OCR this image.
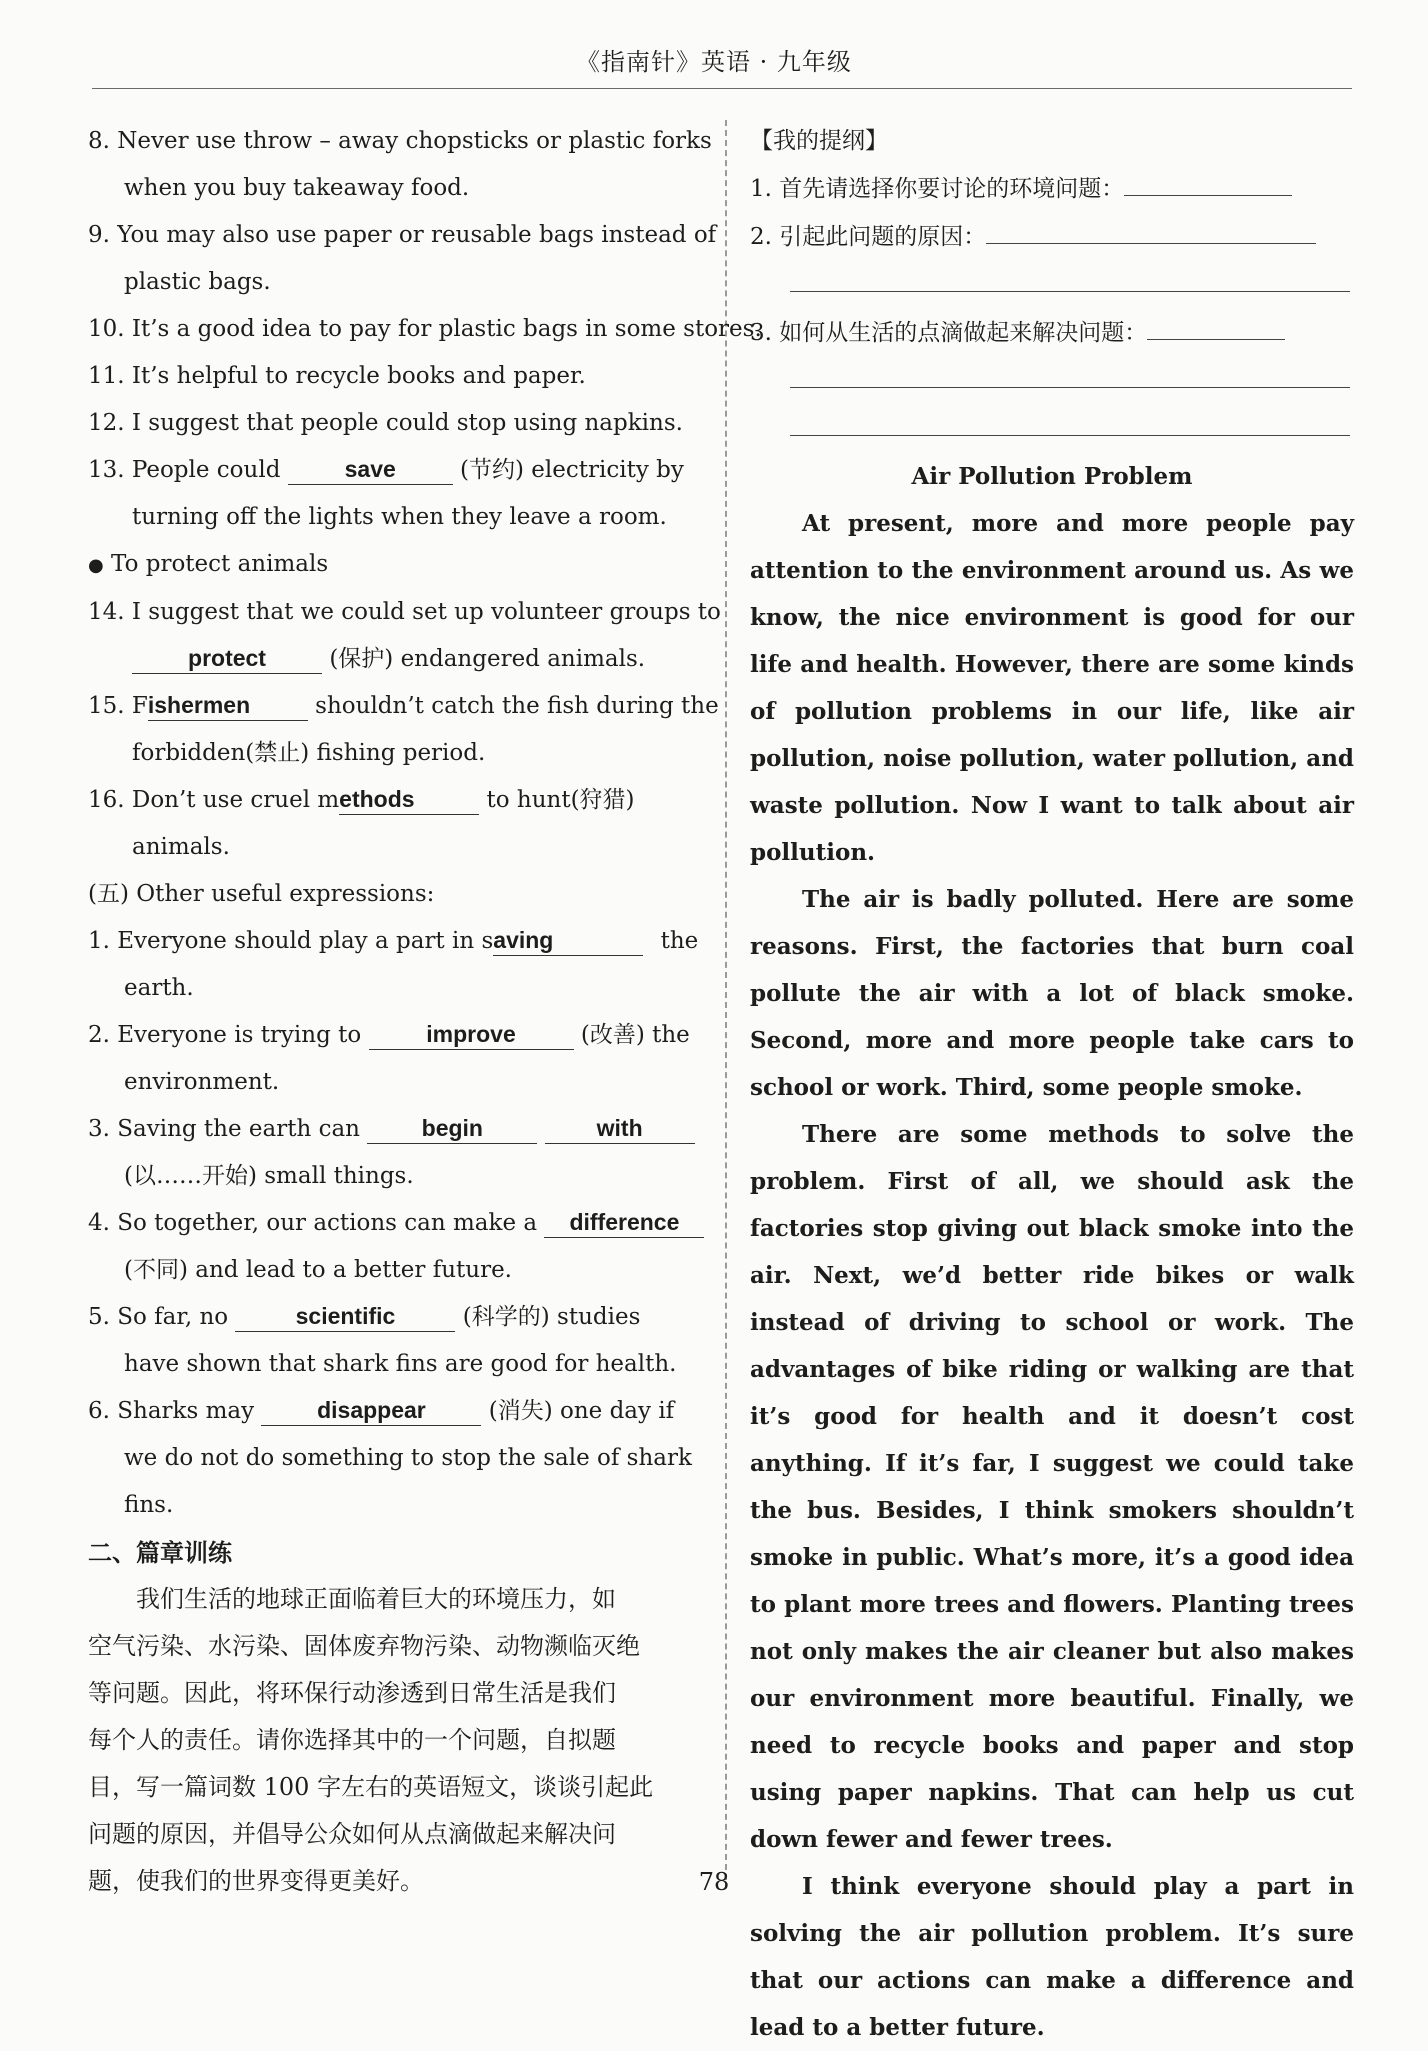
《指南针》英语 · 九年级
8. Never use throw – away chopsticks or plastic forks
when you buy takeaway food.
9. You may also use paper or reusable bags instead of
plastic bags.
10. It’s a good idea to pay for plastic bags in some stores.
11. It’s helpful to recycle books and paper.
12. I suggest that people could stop using napkins.
13. People could	save	(节约) electricity by
turning off the lights when they leave a room.
● To protect animals
14. I suggest that we could set up volunteer groups to
protect	(保护) endangered animals.
15. Fishermen	shouldn’t catch the fish during the
forbidden(禁止) fishing period.
16. Don’t use cruel methods	to hunt(狩猎)
animals.
(五) Other useful expressions:
1. Everyone should play a part in saving	the
earth.
2. Everyone is trying to	improve	(改善) the
environment.
3. Saving the earth can	begin	with
(以……开始) small things.
4. So together, our actions can make a difference
(不同) and lead to a better future.
5. So far, no	scientific	(科学的) studies
have shown that shark fins are good for health.
6. Sharks may	disappear	(消失) one day if
we do not do something to stop the sale of shark
fins.
二、篇章训练
我们生活的地球正面临着巨大的环境压力，如
空气污染、水污染、固体废弃物污染、动物濒临灭绝
等问题。因此，将环保行动渗透到日常生活是我们
每个人的责任。请你选择其中的一个问题，自拟题
目，写一篇词数 100 字左右的英语短文，谈谈引起此
问题的原因，并倡导公众如何从点滴做起来解决问
题，使我们的世界变得更美好。
【我的提纲】
1. 首先请选择你要讨论的环境问题：
2. 引起此问题的原因：
3. 如何从生活的点滴做起来解决问题：
Air Pollution Problem

At present, more and more people pay attention to the environment around us. As we know, the nice environment is good for our life and health. However, there are some kinds of pollution problems in our life, like air pollution, noise pollution, water pollution, and waste pollution. Now I want to talk about air pollution.

The air is badly polluted. Here are some reasons. First, the factories that burn coal pollute the air with a lot of black smoke. Second, more and more people take cars to school or work. Third, some people smoke.

There are some methods to solve the problem. First of all, we should ask the factories stop giving out black smoke into the air. Next, we’d better ride bikes or walk instead of driving to school or work. The advantages of bike riding or walking are that it’s good for health and it doesn’t cost anything. If it’s far, I suggest we could take the bus. Besides, I think smokers shouldn’t smoke in public. What’s more, it’s a good idea to plant more trees and flowers. Planting trees not only makes the air cleaner but also makes our environment more beautiful. Finally, we need to recycle books and paper and stop using paper napkins. That can help us cut down fewer and fewer trees.

I think everyone should play a part in solving the air pollution problem. It’s sure that our actions can make a difference and lead to a better future.

78
